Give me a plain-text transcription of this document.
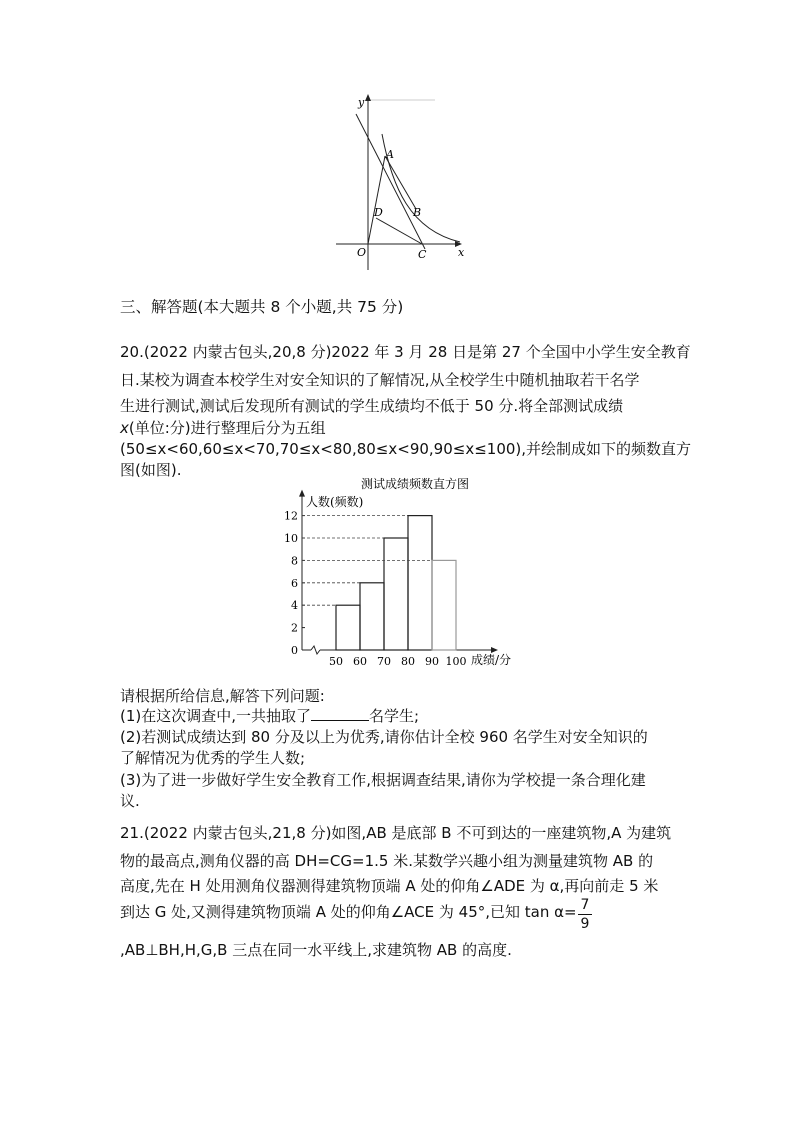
y
A
D	B
O	C	x
三、解答题(本大题共 8 个小题,共 75 分)
20.(2022 内蒙古包头,20,8 分)2022 年 3 月 28 日是第 27 个全国中小学生安全教育
日.某校为调查本校学生对安全知识的了解情况,从全校学生中随机抽取若干名学
生进行测试,测试后发现所有测试的学生成绩均不低于 50 分.将全部测试成绩
x(单位:分)进行整理后分为五组
(50≤x<60,60≤x<70,70≤x<80,80≤x<90,90≤x≤100),并绘制成如下的频数直方
图(如图).
测试成绩频数直方图
人数(频数)
成绩/分
0
2
4
6
8
10
12
50 60 70 80 90 100
请根据所给信息,解答下列问题:
(1)在这次调查中,一共抽取了	名学生;
(2)若测试成绩达到 80 分及以上为优秀,请你估计全校 960 名学生对安全知识的
了解情况为优秀的学生人数;
(3)为了进一步做好学生安全教育工作,根据调查结果,请你为学校提一条合理化建
议.
21.(2022 内蒙古包头,21,8 分)如图,AB 是底部 B 不可到达的一座建筑物,A 为建筑
物的最高点,测角仪器的高 DH=CG=1.5 米.某数学兴趣小组为测量建筑物 AB 的
高度,先在 H 处用测角仪器测得建筑物顶端 A 处的仰角∠ADE 为 α,再向前走 5 米
到达 G 处,又测得建筑物顶端 A 处的仰角∠ACE 为 45°,已知 tan α= 7
9
,AB⊥BH,H,G,B 三点在同一水平线上,求建筑物 AB 的高度.
